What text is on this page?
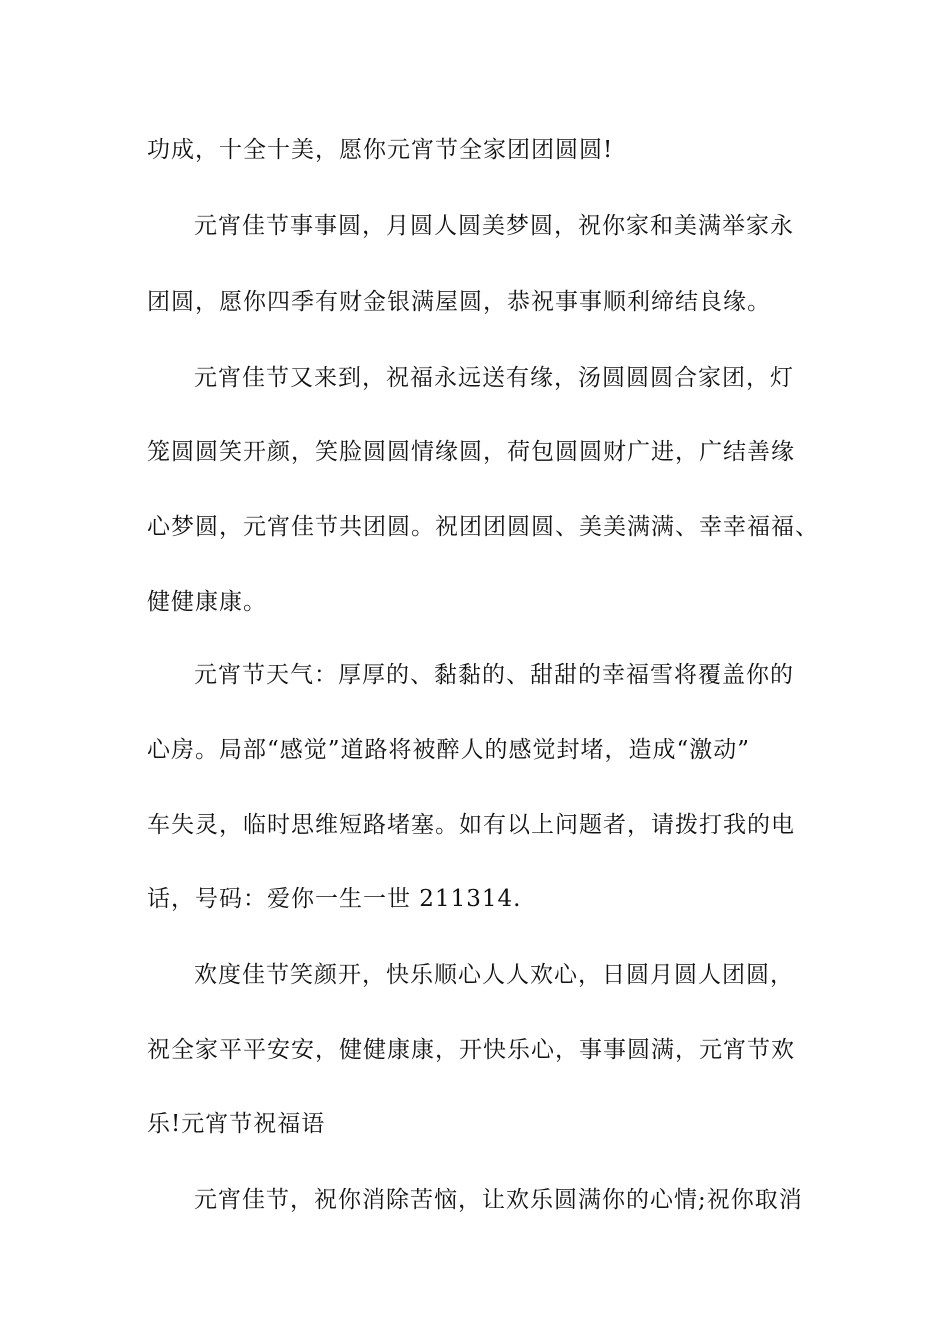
功成，十全十美，愿你元宵节全家团团圆圆!
元宵佳节事事圆，月圆人圆美梦圆，祝你家和美满举家永
团圆，愿你四季有财金银满屋圆，恭祝事事顺利缔结良缘。
元宵佳节又来到，祝福永远送有缘，汤圆圆圆合家团，灯
笼圆圆笑开颜，笑脸圆圆情缘圆，荷包圆圆财广进，广结善缘
心梦圆，元宵佳节共团圆。祝团团圆圆、美美满满、幸幸福福、
健健康康。
元宵节天气：厚厚的、黏黏的、甜甜的幸福雪将覆盖你的
心房。局部“感觉”道路将被醉人的感觉封堵，造成“激动”
车失灵，临时思维短路堵塞。如有以上问题者，请拨打我的电
话，号码：爱你一生一世 211314.
欢度佳节笑颜开，快乐顺心人人欢心，日圆月圆人团圆，
祝全家平平安安，健健康康，开快乐心，事事圆满，元宵节欢
乐!元宵节祝福语
元宵佳节，祝你消除苦恼，让欢乐圆满你的心情;祝你取消
